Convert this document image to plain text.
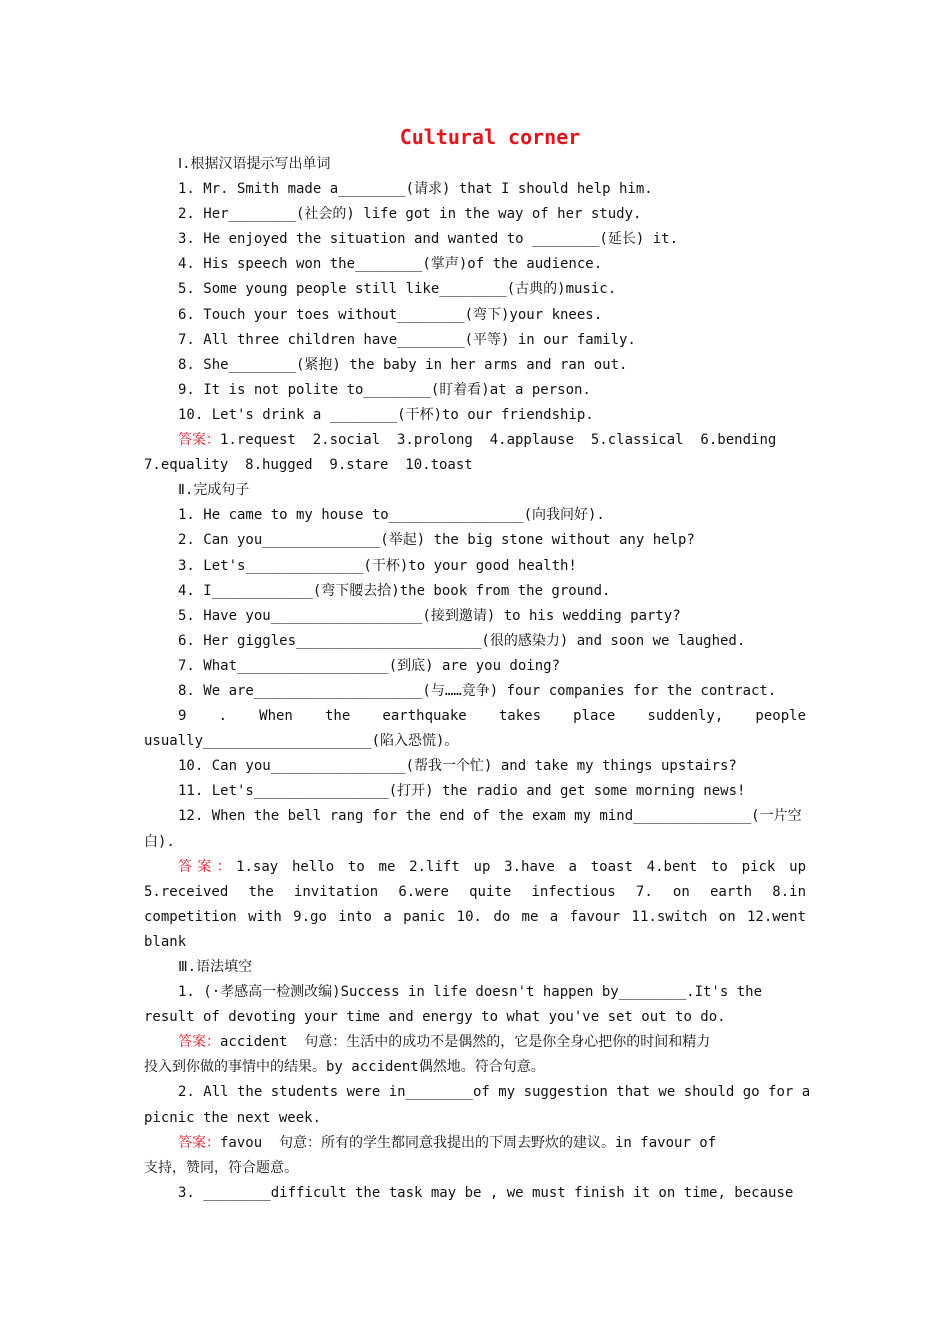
Cultural corner
Ⅰ.根据汉语提示写出单词
1. Mr. Smith made a________(请求) that I should help him.
2. Her________(社会的) life got in the way of her study.
3. He enjoyed the situation and wanted to ________(延长) it.
4. His speech won the________(掌声)of the audience.
5. Some young people still like________(古典的)music.
6. Touch your toes without________(弯下)your knees.
7. All three children have________(平等) in our family.
8. She________(紧抱) the baby in her arms and ran out.
9. It is not polite to________(盯着看)at a person.
10. Let's drink a ________(干杯)to our friendship.
答案：1.request  2.social  3.prolong  4.applause  5.classical  6.bending
7.equality  8.hugged  9.stare  10.toast
Ⅱ.完成句子
1. He came to my house to________________(向我问好).
2. Can you______________(举起) the big stone without any help?
3. Let's______________(干杯)to your good health!
4. I____________(弯下腰去拾)the book from the ground.
5. Have you__________________(接到邀请) to his wedding party?
6. Her giggles______________________(很的感染力) and soon we laughed.
7. What__________________(到底) are you doing?
8. We are____________________(与……竞争) four companies for the contract.
9 . When the earthquake takes place suddenly, people
usually____________________(陷入恐慌)。
10. Can you________________(帮我一个忙) and take my things upstairs?
11. Let's________________(打开) the radio and get some morning news!
12. When the bell rang for the end of the exam my mind______________(一片空
白).
答案：1.say hello to me 2.lift up 3.have a toast 4.bent to pick up
5.received the invitation 6.were quite infectious 7. on earth 8.in
competition with 9.go into a panic 10. do me a favour 11.switch on 12.went
blank
Ⅲ.语法填空
1. (·孝感高一检测改编)Success in life doesn't happen by________.It's the
result of devoting your time and energy to what you've set out to do.
答案：accident  句意：生活中的成功不是偶然的，它是你全身心把你的时间和精力
投入到你做的事情中的结果。by accident偶然地。符合句意。
2. All the students were in________of my suggestion that we should go for a
picnic the next week.
答案：favou  句意：所有的学生都同意我提出的下周去野炊的建议。in favour of
支持，赞同，符合题意。
3. ________difficult the task may be , we must finish it on time, because
